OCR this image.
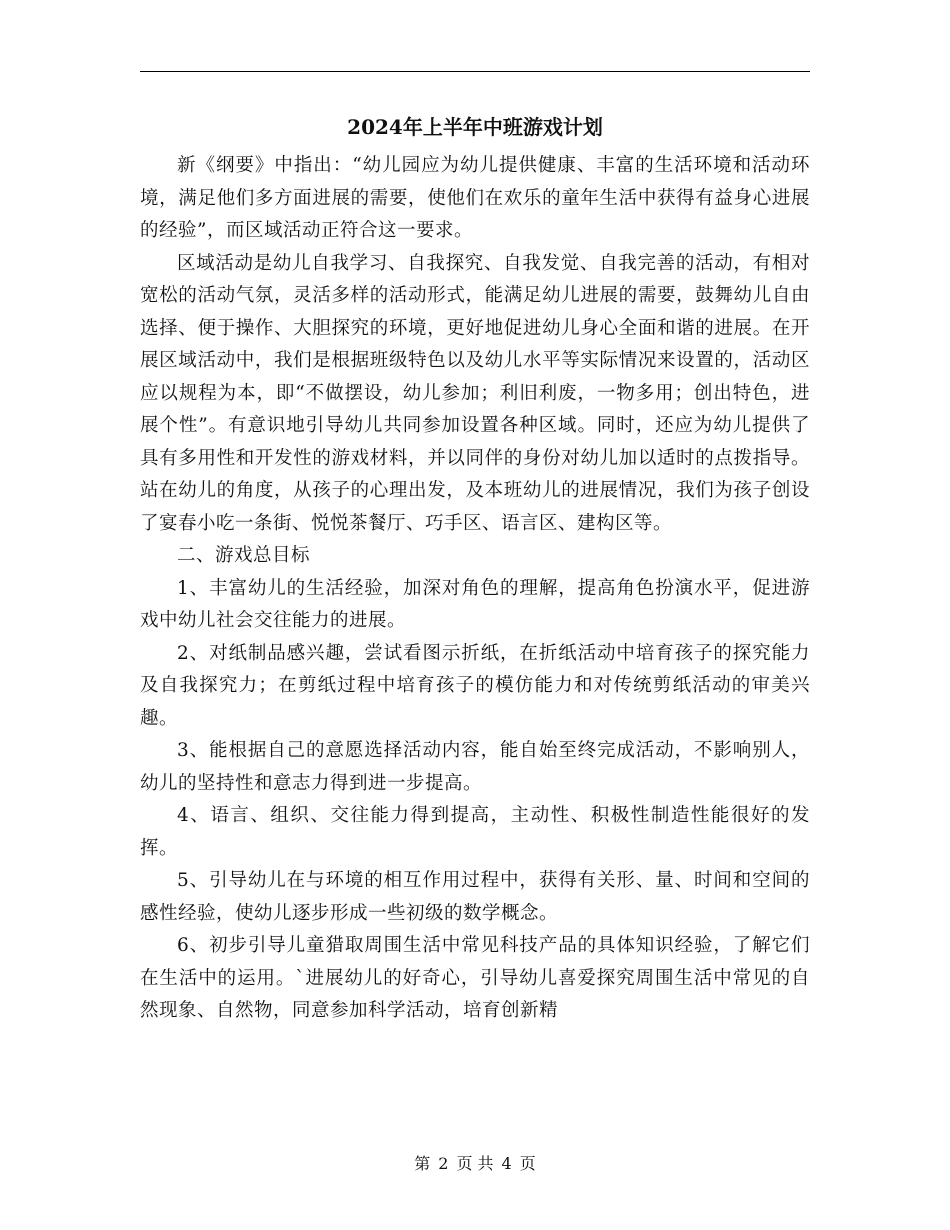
2024年上半年中班游戏计划

新《纲要》中指出：“幼儿园应为幼儿提供健康、丰富的生活环境和活动环境，满足他们多方面进展的需要，使他们在欢乐的童年生活中获得有益身心进展的经验”，而区域活动正符合这一要求。

区域活动是幼儿自我学习、自我探究、自我发觉、自我完善的活动，有相对宽松的活动气氛，灵活多样的活动形式，能满足幼儿进展的需要，鼓舞幼儿自由选择、便于操作、大胆探究的环境，更好地促进幼儿身心全面和谐的进展。在开展区域活动中，我们是根据班级特色以及幼儿水平等实际情况来设置的，活动区应以规程为本，即“不做摆设，幼儿参加；利旧利废，一物多用；创出特色，进展个性”。有意识地引导幼儿共同参加设置各种区域。同时，还应为幼儿提供了具有多用性和开发性的游戏材料，并以同伴的身份对幼儿加以适时的点拨指导。站在幼儿的角度，从孩子的心理出发，及本班幼儿的进展情况，我们为孩子创设了宴春小吃一条街、悦悦茶餐厅、巧手区、语言区、建构区等。

二、游戏总目标

1、丰富幼儿的生活经验，加深对角色的理解，提高角色扮演水平，促进游戏中幼儿社会交往能力的进展。

2、对纸制品感兴趣，尝试看图示折纸，在折纸活动中培育孩子的探究能力及自我探究力；在剪纸过程中培育孩子的模仿能力和对传统剪纸活动的审美兴趣。

3、能根据自己的意愿选择活动内容，能自始至终完成活动，不影响别人，幼儿的坚持性和意志力得到进一步提高。

4、语言、组织、交往能力得到提高，主动性、积极性制造性能很好的发挥。

5、引导幼儿在与环境的相互作用过程中，获得有关形、量、时间和空间的感性经验，使幼儿逐步形成一些初级的数学概念。

6、初步引导儿童猎取周围生活中常见科技产品的具体知识经验，了解它们在生活中的运用。`进展幼儿的好奇心，引导幼儿喜爱探究周围生活中常见的自然现象、自然物，同意参加科学活动，培育创新精

第 2 页 共 4 页
